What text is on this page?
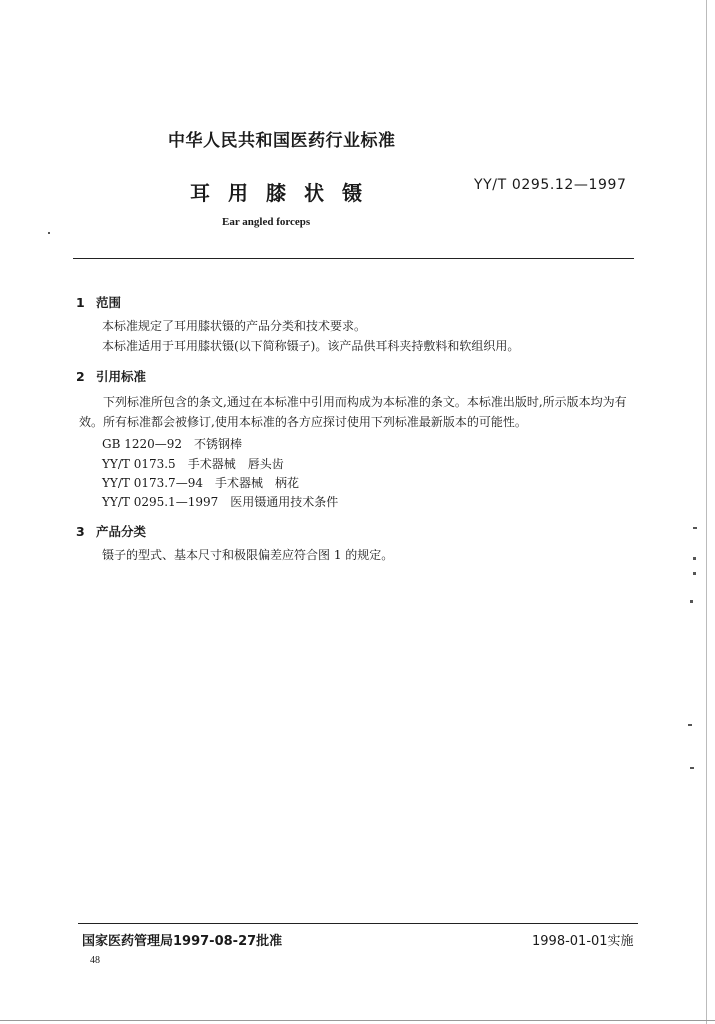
中华人民共和国医药行业标准
耳用膝状镊	YY/T 0295.12—1997
Ear angled forceps
1 范围
本标准规定了耳用膝状镊的产品分类和技术要求。
本标准适用于耳用膝状镊(以下简称镊子)。该产品供耳科夹持敷料和软组织用。
2 引用标准
下列标准所包含的条文,通过在本标准中引用而构成为本标准的条文。本标准出版时,所示版本均为有效。所有标准都会被修订,使用本标准的各方应探讨使用下列标准最新版本的可能性。
GB 1220—92　不锈钢棒
YY/T 0173.5　手术器械　唇头齿
YY/T 0173.7—94　手术器械　柄花
YY/T 0295.1—1997　医用镊通用技术条件
3 产品分类
镊子的型式、基本尺寸和极限偏差应符合图 1 的规定。
国家医药管理局1997-08-27批准	1998-01-01实施
48
